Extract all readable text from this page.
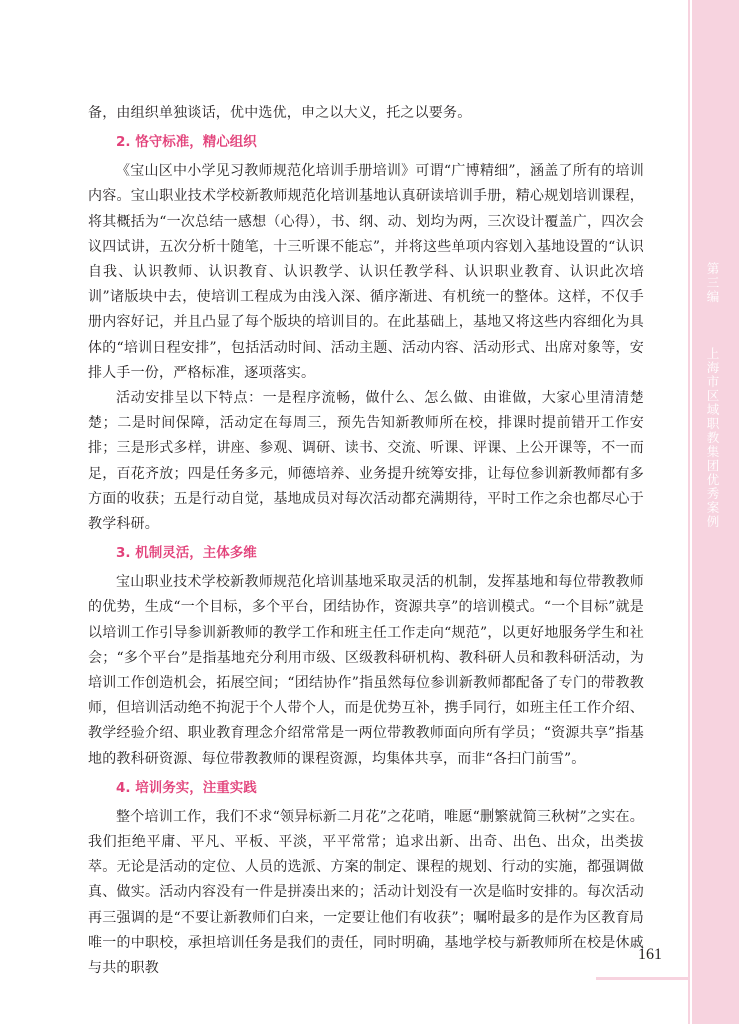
第三编  上海市区域职教集团优秀案例

备，由组织单独谈话，优中选优，申之以大义，托之以要务。

2. 恪守标准，精心组织

《宝山区中小学见习教师规范化培训手册培训》可谓“广博精细”，涵盖了所有的培训内容。宝山职业技术学校新教师规范化培训基地认真研读培训手册，精心规划培训课程，将其概括为“一次总结一感想（心得），书、纲、动、划均为两，三次设计覆盖广，四次会议四试讲，五次分析十随笔，十三听课不能忘”，并将这些单项内容划入基地设置的“认识自我、认识教师、认识教育、认识教学、认识任教学科、认识职业教育、认识此次培训”诸版块中去，使培训工程成为由浅入深、循序渐进、有机统一的整体。这样，不仅手册内容好记，并且凸显了每个版块的培训目的。在此基础上，基地又将这些内容细化为具体的“培训日程安排”，包括活动时间、活动主题、活动内容、活动形式、出席对象等，安排人手一份，严格标准，逐项落实。

活动安排呈以下特点：一是程序流畅，做什么、怎么做、由谁做，大家心里清清楚楚；二是时间保障，活动定在每周三，预先告知新教师所在校，排课时提前错开工作安排；三是形式多样，讲座、参观、调研、读书、交流、听课、评课、上公开课等，不一而足，百花齐放；四是任务多元，师德培养、业务提升统筹安排，让每位参训新教师都有多方面的收获；五是行动自觉，基地成员对每次活动都充满期待，平时工作之余也都尽心于教学科研。

3. 机制灵活，主体多维

宝山职业技术学校新教师规范化培训基地采取灵活的机制，发挥基地和每位带教教师的优势，生成“一个目标，多个平台，团结协作，资源共享”的培训模式。“一个目标”就是以培训工作引导参训新教师的教学工作和班主任工作走向“规范”，以更好地服务学生和社会；“多个平台”是指基地充分利用市级、区级教科研机构、教科研人员和教科研活动，为培训工作创造机会，拓展空间；“团结协作”指虽然每位参训新教师都配备了专门的带教教师，但培训活动绝不拘泥于个人带个人，而是优势互补，携手同行，如班主任工作介绍、教学经验介绍、职业教育理念介绍常常是一两位带教教师面向所有学员；“资源共享”指基地的教科研资源、每位带教教师的课程资源，均集体共享，而非“各扫门前雪”。

4. 培训务实，注重实践

整个培训工作，我们不求“领异标新二月花”之花哨，唯愿“删繁就简三秋树”之实在。我们拒绝平庸、平凡、平板、平淡，平平常常；追求出新、出奇、出色、出众，出类拔萃。无论是活动的定位、人员的选派、方案的制定、课程的规划、行动的实施，都强调做真、做实。活动内容没有一件是拼凑出来的；活动计划没有一次是临时安排的。每次活动再三强调的是“不要让新教师们白来，一定要让他们有收获”；嘱咐最多的是作为区教育局唯一的中职校，承担培训任务是我们的责任，同时明确，基地学校与新教师所在校是休戚与共的职教

161
